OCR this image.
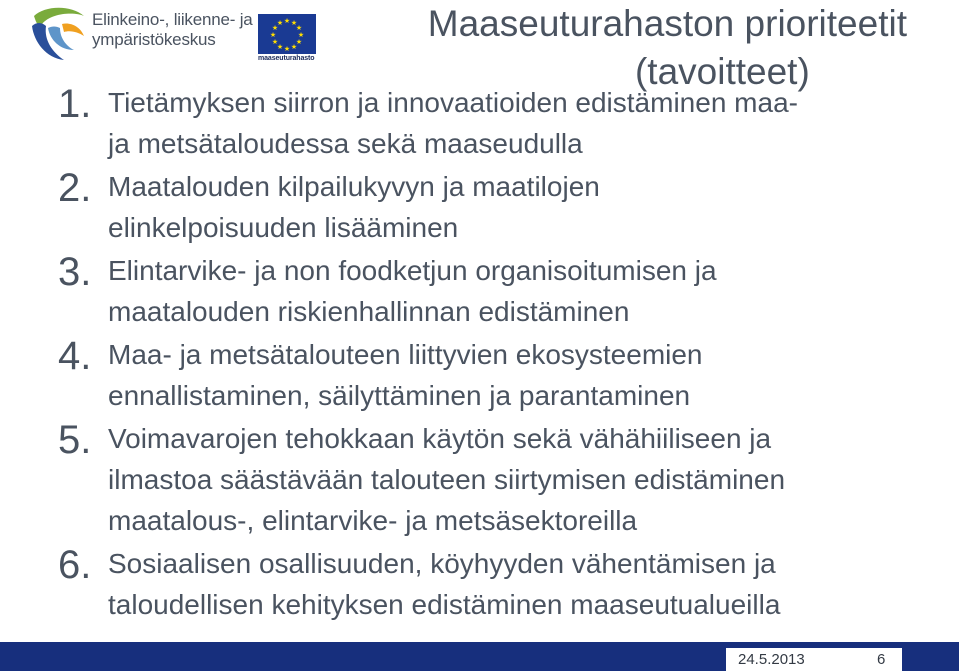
Elinkeino-, liikenne- ja
ympäristökeskus
★ ★
★
★
★
★
★
★
★
★
★
★
maaseuturahasto
Maaseuturahaston prioriteetit
(tavoitteet)
1. Tietämyksen siirron ja innovaatioiden edistäminen maa-
ja metsätaloudessa sekä maaseudulla
2. Maatalouden kilpailukyvyn ja maatilojen
elinkelpoisuuden lisääminen
3. Elintarvike- ja non foodketjun organisoitumisen ja
maatalouden riskienhallinnan edistäminen
4. Maa- ja metsätalouteen liittyvien ekosysteemien
ennallistaminen, säilyttäminen ja parantaminen
5. Voimavarojen tehokkaan käytön sekä vähähiiliseen ja
ilmastoa säästävään talouteen siirtymisen edistäminen
maatalous-, elintarvike- ja metsäsektoreilla
6. Sosiaalisen osallisuuden, köyhyyden vähentämisen ja
taloudellisen kehityksen edistäminen maaseutualueilla
24.5.2013	6
